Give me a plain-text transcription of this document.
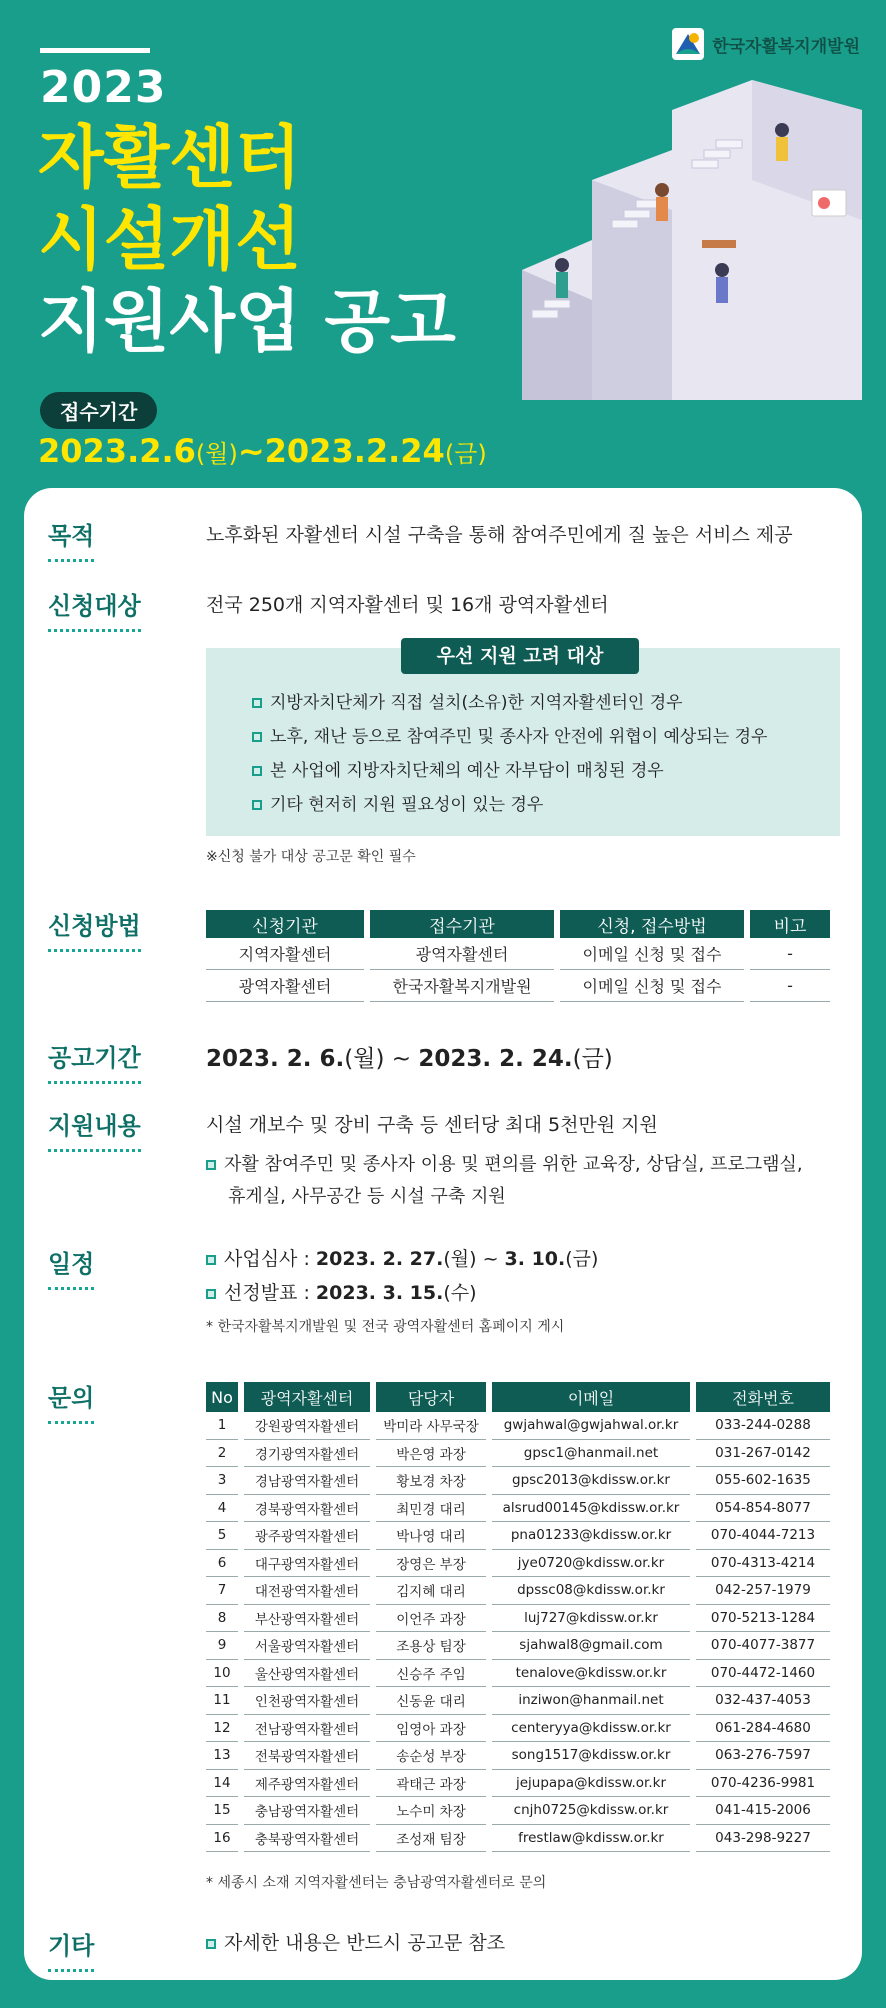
한국자활복지개발원
2023
자활센터
시설개선
지원사업 공고
접수기간
2023.2.6(월)~2023.2.24(금)
목적	노후화된 자활센터 시설 구축을 통해 참여주민에게 질 높은 서비스 제공
신청대상	전국 250개 지역자활센터 및 16개 광역자활센터
우선 지원 고려 대상
지방자치단체가 직접 설치(소유)한 지역자활센터인 경우
노후, 재난 등으로 참여주민 및 종사자 안전에 위협이 예상되는 경우
본 사업에 지방자치단체의 예산 자부담이 매칭된 경우
기타 현저히 지원 필요성이 있는 경우
※신청 불가 대상 공고문 확인 필수
신청방법	신청기관	접수기관	신청, 접수방법	비고
지역자활센터	광역자활센터	이메일 신청 및 접수	-
광역자활센터	한국자활복지개발원	이메일 신청 및 접수	-
공고기간	2023. 2. 6.(월) ~ 2023. 2. 24.(금)
지원내용	시설 개보수 및 장비 구축 등 센터당 최대 5천만원 지원
자활 참여주민 및 종사자 이용 및 편의를 위한 교육장, 상담실, 프로그램실,
휴게실, 사무공간 등 시설 구축 지원
일정	사업심사 : 2023. 2. 27.(월) ~ 3. 10.(금)
선정발표 : 2023. 3. 15.(수)
* 한국자활복지개발원 및 전국 광역자활센터 홈페이지 게시
문의	No	광역자활센터	담당자	이메일	전화번호
1	강원광역자활센터	박미라 사무국장	gwjahwal@gwjahwal.or.kr	033-244-0288
2	경기광역자활센터	박은영 과장	gpsc1@hanmail.net	031-267-0142
3	경남광역자활센터	황보경 차장	gpsc2013@kdissw.or.kr	055-602-1635
4	경북광역자활센터	최민경 대리	alsrud00145@kdissw.or.kr	054-854-8077
5	광주광역자활센터	박나영 대리	pna01233@kdissw.or.kr	070-4044-7213
6	대구광역자활센터	장영은 부장	jye0720@kdissw.or.kr	070-4313-4214
7	대전광역자활센터	김지혜 대리	dpssc08@kdissw.or.kr	042-257-1979
8	부산광역자활센터	이언주 과장	luj727@kdissw.or.kr	070-5213-1284
9	서울광역자활센터	조용상 팀장	sjahwal8@gmail.com	070-4077-3877
10	울산광역자활센터	신승주 주임	tenalove@kdissw.or.kr	070-4472-1460
11	인천광역자활센터	신동윤 대리	inziwon@hanmail.net	032-437-4053
12	전남광역자활센터	임영아 과장	centeryya@kdissw.or.kr	061-284-4680
13	전북광역자활센터	송순성 부장	song1517@kdissw.or.kr	063-276-7597
14	제주광역자활센터	곽태근 과장	jejupapa@kdissw.or.kr	070-4236-9981
15	충남광역자활센터	노수미 차장	cnjh0725@kdissw.or.kr	041-415-2006
16	충북광역자활센터	조성재 팀장	frestlaw@kdissw.or.kr	043-298-9227
* 세종시 소재 지역자활센터는 충남광역자활센터로 문의
기타	자세한 내용은 반드시 공고문 참조
